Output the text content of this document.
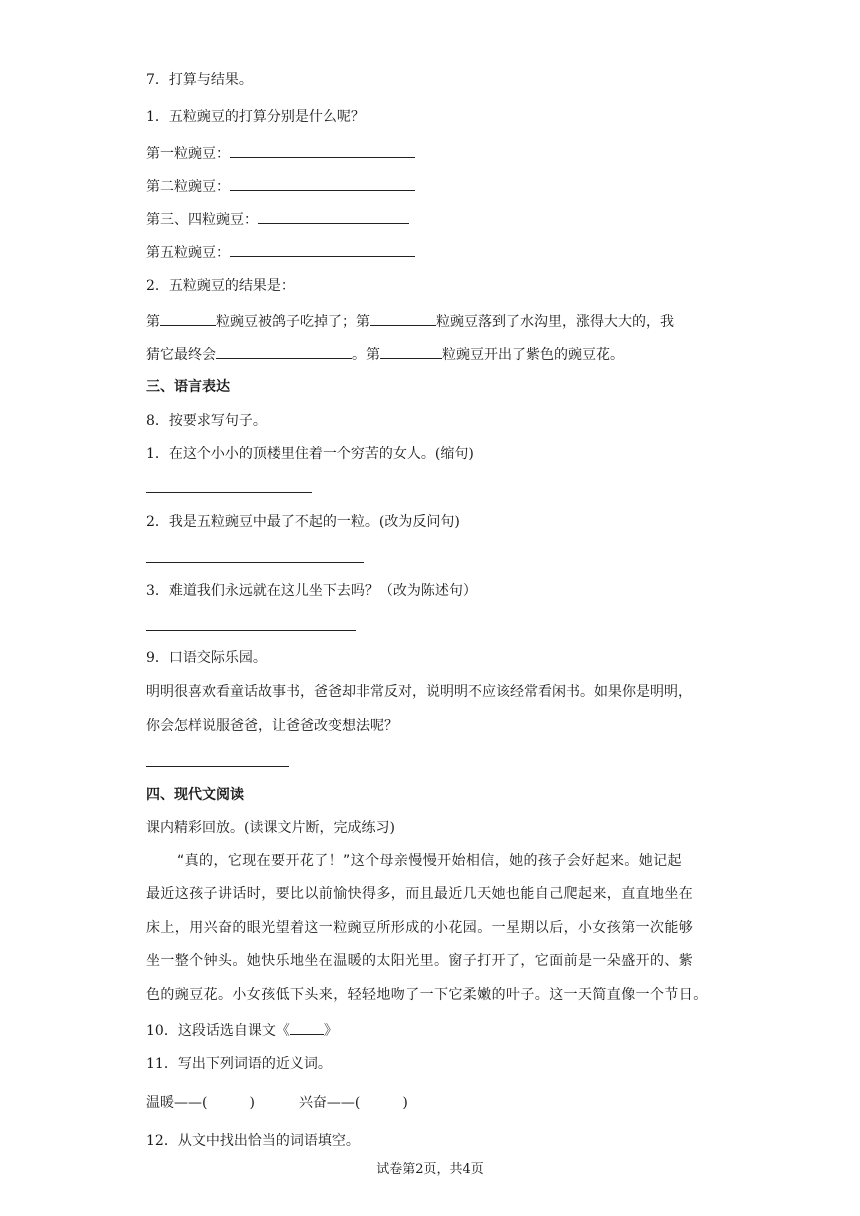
7．打算与结果。
1．五粒豌豆的打算分别是什么呢？
第一粒豌豆：
第二粒豌豆：
第三、四粒豌豆：
第五粒豌豆：
2．五粒豌豆的结果是：
第	粒豌豆被鸽子吃掉了；第	粒豌豆落到了水沟里，涨得大大的，我
猜它最终会	。第	粒豌豆开出了紫色的豌豆花。
三、语言表达
8．按要求写句子。
1．在这个小小的顶楼里住着一个穷苦的女人。(缩句)
2．我是五粒豌豆中最了不起的一粒。(改为反问句)
3．难道我们永远就在这儿坐下去吗？（改为陈述句）
9．口语交际乐园。
明明很喜欢看童话故事书，爸爸却非常反对，说明明不应该经常看闲书。如果你是明明，
你会怎样说服爸爸，让爸爸改变想法呢？
四、现代文阅读
课内精彩回放。(读课文片断，完成练习)
“真的，它现在要开花了！”这个母亲慢慢开始相信，她的孩子会好起来。她记起
最近这孩子讲话时，要比以前愉快得多，而且最近几天她也能自己爬起来，直直地坐在
床上，用兴奋的眼光望着这一粒豌豆所形成的小花园。一星期以后，小女孩第一次能够
坐一整个钟头。她快乐地坐在温暖的太阳光里。窗子打开了，它面前是一朵盛开的、紫
色的豌豆花。小女孩低下头来，轻轻地吻了一下它柔嫩的叶子。这一天简直像一个节日。
10．这段话选自课文《 》
11．写出下列词语的近义词。
温暖——(	)	兴奋——(	)
12．从文中找出恰当的词语填空。
试卷第2页，共4页
